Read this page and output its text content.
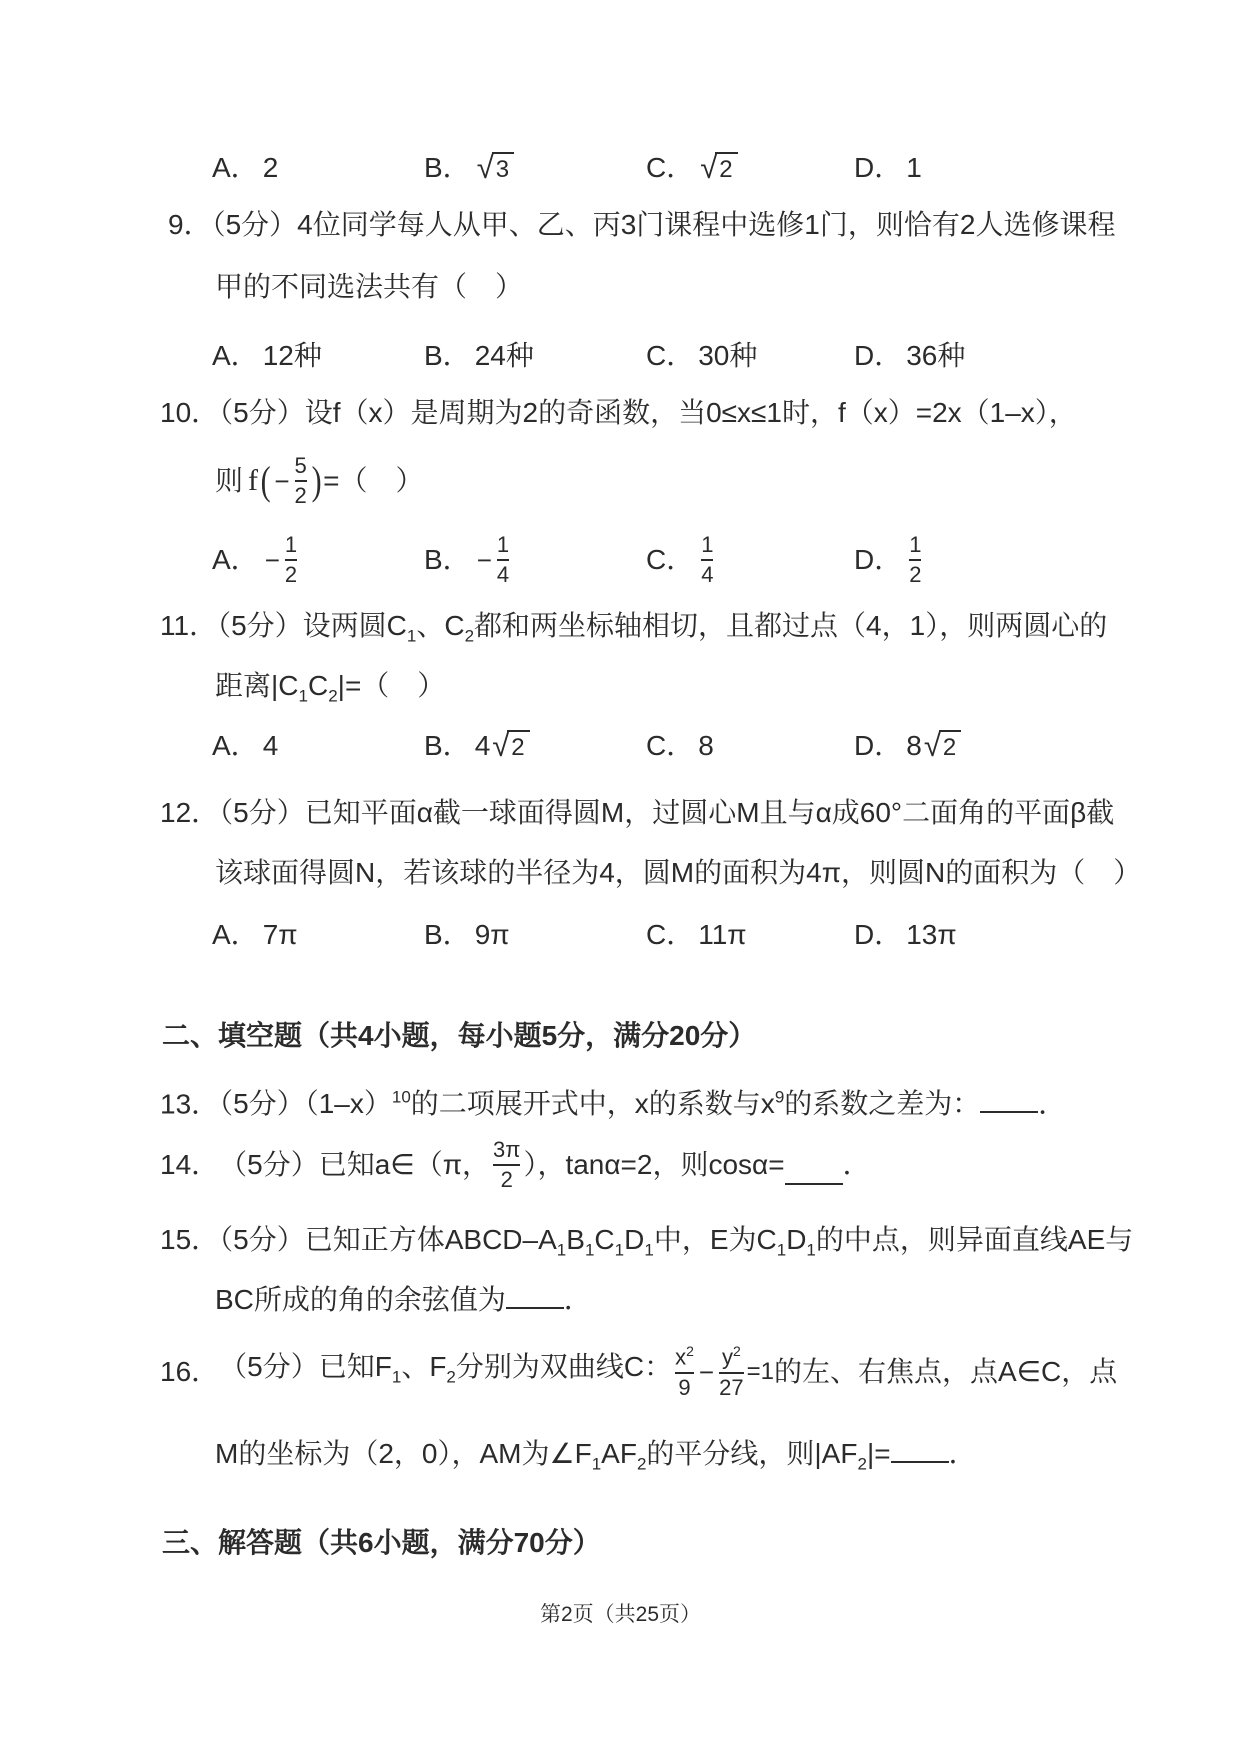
A． 2	B． √ 3	C． √ 2	D． 1
9．（5分）4位同学每人从甲、乙、丙3门课程中选修1门，则恰有2人选修课程
甲的不同选法共有（　）
A． 12种	B． 24种	C． 30种	D． 36种
10．（5分）设f（x）是周期为2的奇函数，当0≤x≤1时，f（x）=2x（1–x），
则 f ( − $\frac{5}{2}$ ) =（　）
A． − $\frac{1}{2}$	B． − $\frac{1}{4}$	C． $\frac{1}{4}$	D． $\frac{1}{2}$
11．（5分）设两圆$C_1$、$C_2$都和两坐标轴相切，且都过点（4，1），则两圆心的
距离$|C_1C_2|=$（　）
A． 4	B． 4 √ 2	C． 8	D． 8 √ 2
12．（5分）已知平面α截一球面得圆M，过圆心M且与α成60°二面角的平面β截
该球面得圆N，若该球的半径为4，圆M的面积为4π，则圆N的面积为（　）
A． 7π	B． 9π	C． 11π	D． 13π
二、填空题（共4小题，每小题5分，满分20分）
13．（5分）$(1-x)^{10}$的二项展开式中，x的系数与$x^9$的系数之差为： ．
14． （5分）已知a∈（π， $\frac{3\pi}{2}$ ），tanα=2，则cosα= ．
15．（5分）已知正方体ABCD–$A_1B_1C_1D_1$中，E为$C_1D_1$的中点，则异面直线AE与
BC所成的角的余弦值为 ．
16． （5分）已知$F_1$、$F_2$分别为双曲线C： $\frac{x^2}{9} - \frac{y^2}{27} =1$ 的左、右焦点，点A∈C，点
M的坐标为（2，0），AM为$\angle F_1AF_2$的平分线，则$|AF_2|=$ ．
三、解答题（共6小题，满分70分）
第2页（共25页）
